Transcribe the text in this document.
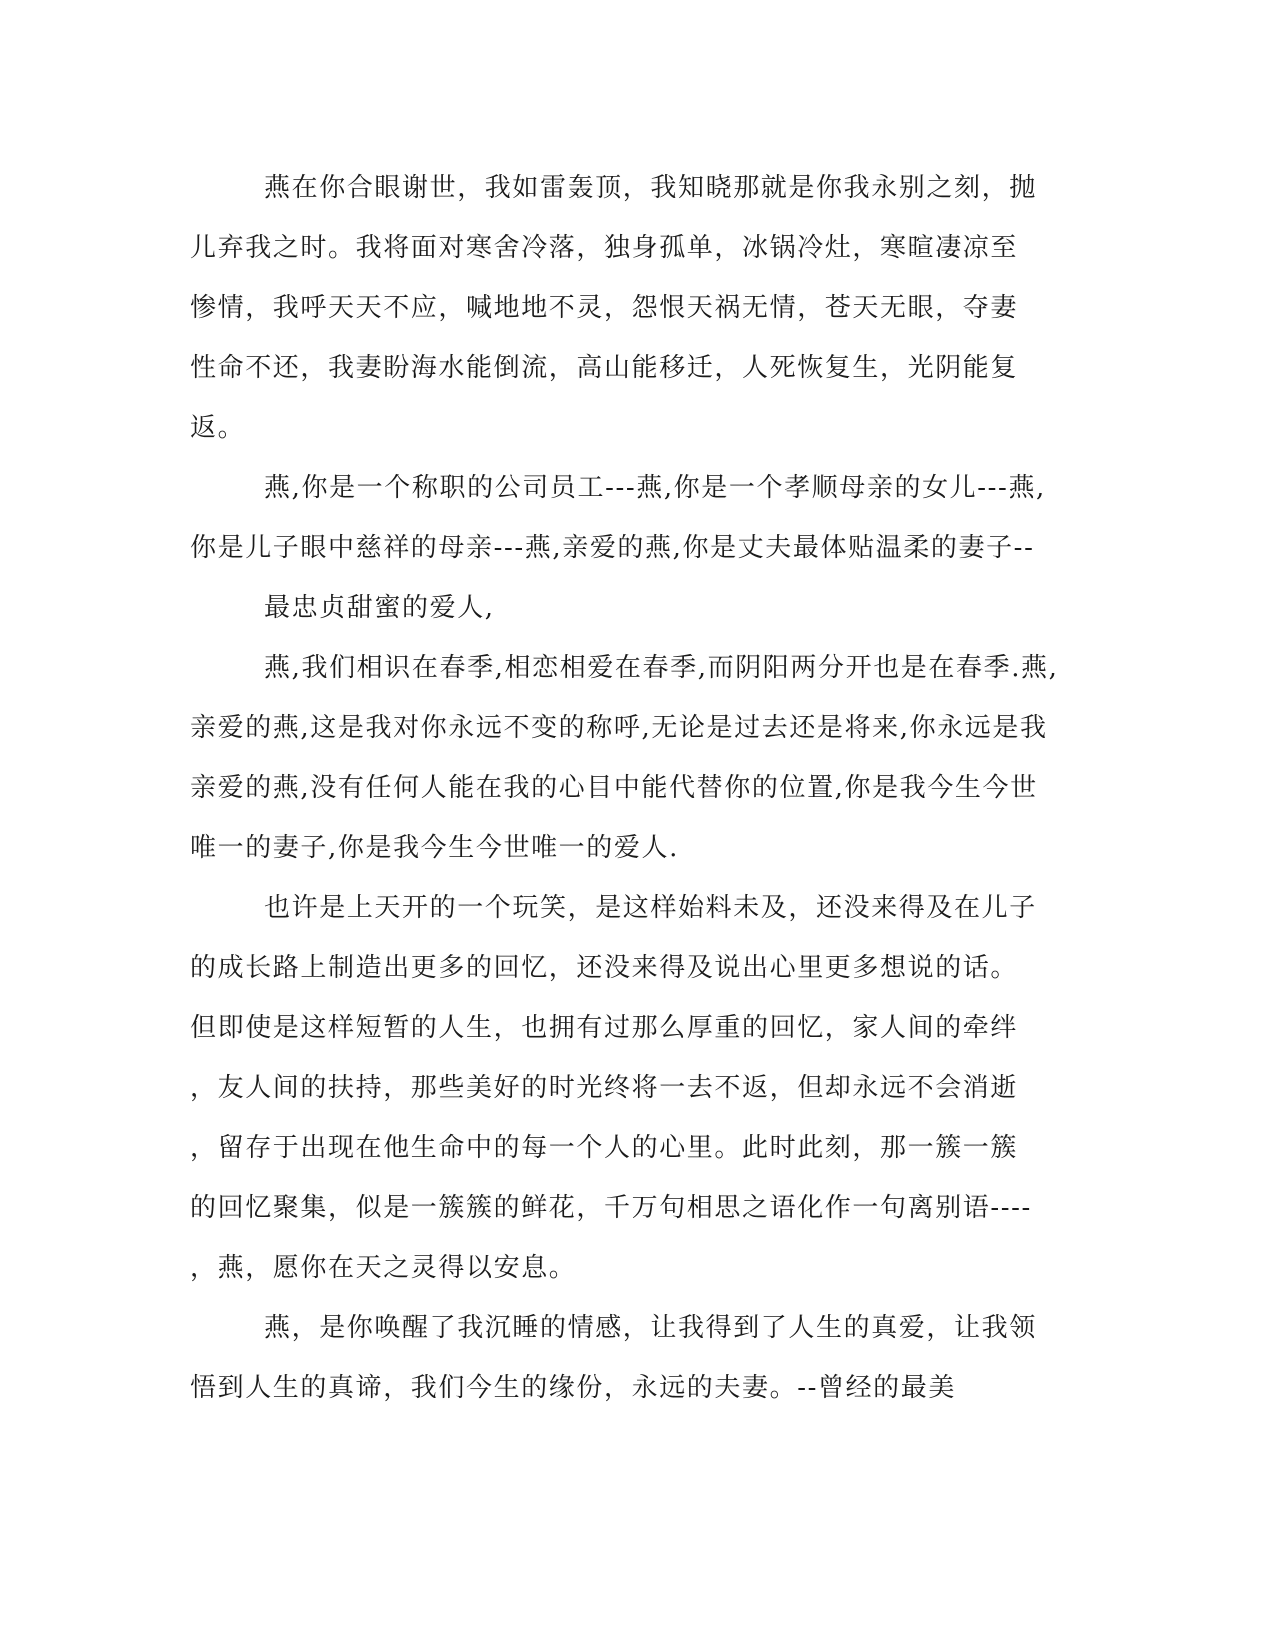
燕在你合眼谢世，我如雷轰顶，我知晓那就是你我永别之刻，抛
儿弃我之时。我将面对寒舍冷落，独身孤单，冰锅冷灶，寒暄凄凉至
惨情，我呼天天不应，喊地地不灵，怨恨天祸无情，苍天无眼，夺妻
性命不还，我妻盼海水能倒流，高山能移迁，人死恢复生，光阴能复
返。
燕,你是一个称职的公司员工---燕,你是一个孝顺母亲的女儿---燕,
你是儿子眼中慈祥的母亲---燕,亲爱的燕,你是丈夫最体贴温柔的妻子--
最忠贞甜蜜的爱人,
燕,我们相识在春季,相恋相爱在春季,而阴阳两分开也是在春季.燕,
亲爱的燕,这是我对你永远不变的称呼,无论是过去还是将来,你永远是我
亲爱的燕,没有任何人能在我的心目中能代替你的位置,你是我今生今世
唯一的妻子,你是我今生今世唯一的爱人.
也许是上天开的一个玩笑，是这样始料未及，还没来得及在儿子
的成长路上制造出更多的回忆，还没来得及说出心里更多想说的话。
但即使是这样短暂的人生，也拥有过那么厚重的回忆，家人间的牵绊
，友人间的扶持，那些美好的时光终将一去不返，但却永远不会消逝
，留存于出现在他生命中的每一个人的心里。此时此刻，那一簇一簇
的回忆聚集，似是一簇簇的鲜花，千万句相思之语化作一句离别语----
，燕，愿你在天之灵得以安息。
燕，是你唤醒了我沉睡的情感，让我得到了人生的真爱，让我领
悟到人生的真谛，我们今生的缘份，永远的夫妻。--曾经的最美
